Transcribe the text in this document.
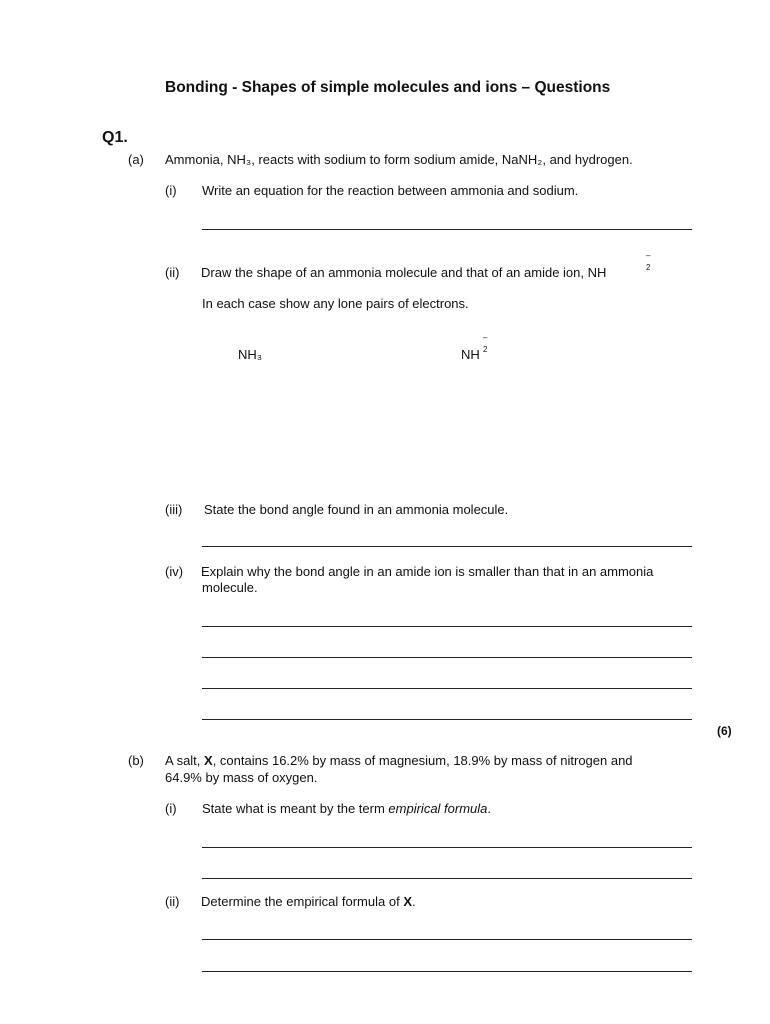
Bonding - Shapes of simple molecules and ions – Questions
Q1.
(a) Ammonia, NH₃, reacts with sodium to form sodium amide, NaNH₂, and hydrogen.
(i) Write an equation for the reaction between ammonia and sodium.
(ii) Draw the shape of an ammonia molecule and that of an amide ion, NH
–
2
In each case show any lone pairs of electrons.
NH₃	NH
–
2
(iii) State the bond angle found in an ammonia molecule.
(iv) Explain why the bond angle in an amide ion is smaller than that in an ammonia
molecule.
(6)
(b) A salt, X, contains 16.2% by mass of magnesium, 18.9% by mass of nitrogen and
64.9% by mass of oxygen.
(i) State what is meant by the term empirical formula.
(ii) Determine the empirical formula of X.
